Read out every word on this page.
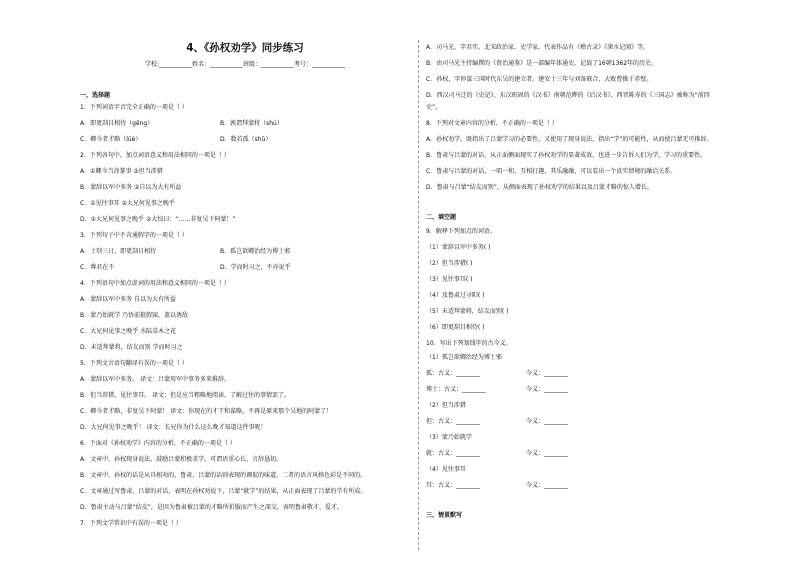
4、《孙权劝学》同步练习
学校:___________姓名：___________班级：___________考号：___________
一、选择题
1．下列词语字音完全正确的一项是（ ）
A．即更刮目相待（gēng）	B．孰谓拜蒙将（shú）
C．卿今者才略（lüè）	D．数若孤（shǔ）
2．下列各句中，加点词语意义和用法相同的一项是（ ）
A．①卿今当涂掌事 ②但当涉猎
B．蒙辞以军中多务 ②自以为大有所益
C．①见往事耳 ②大兄何见事之晚乎
D．①大兄何见事之晚乎 ②大惊曰：“……非复吴下阿蒙！”
3．下列句子中不含通假字的一项是（ ）
A．士别三日，即更刮目相待	B．孤岂欲卿治经为博士邪
C．尊君在不	D．学而时习之，不亦说乎
4．下列语句中加点虚词的用法和意义相同的一项是（ ）
A．蒙辞以军中多务 自以为大有所益
B．蒙乃始就学 乃悟前狼假寐，盖以诱敌
C．大兄何见事之晚乎 水陆草木之花
D．未适拜蒙将，结友而别 学而时习之
5．下列文言语句翻译有误的一项是（ ）
A．蒙辞以军中多务。 译文：吕蒙用军中事务多来推辞。
B．但当涉猎，见往事耳。 译文：但是应当粗略地阅读，了解过往的事情罢了。
C．卿今者才略，非复吴下阿蒙！ 译文：你现在的才干和谋略，不再是原来那个吴地的阿蒙了！
D．大兄何见事之晚乎！ 译文：长兄你为什么这么晚才知道这件事呢！
6．下面对《孙权劝学》内容的分析，不正确的一项是（ ）
A．文章中，孙权现身说法，鼓励吕蒙积极求学，可谓语重心长，言辞恳切。
B．文章中，孙权的话是从具相劝的，鲁肃、吕蒙的话则表现的调侃的味道，二者的语言风格色彩是不同的。
C．文章通过写鲁肃、吕蒙的对话，表明在孙权劝说下，吕蒙“就学”的结果，从正面表现了吕蒙的学有所成。
D．鲁肃主动与吕蒙“结友”，是因为鲁肃被吕蒙的才略所折服而产生之深交，表明鲁肃敬才、爱才。
7．下列文学常识中有误的一项是（ ）
A．司马光，字君实，北宋政治家、史学家。代表作品有《稽古录》《涑水记闻》等。
B．由司马光主持编撰的《资治通鉴》是一部编年体通史，记载了16朝1362年的历史。
C．孙权，字仲谋三国时代东吴的建立者。建安十三年与刘备联合，大败曹操于赤壁。
D．西汉司马迁的《史记》、东汉班固的《汉书》南朝范晔的《后汉书》、西晋陈寿的《三国志》被称为“前四
史”。
8．下列对文章内容的分析，不正确的一项是（ ）
A．孙权劝学，既指出了吕蒙学习的必要性，又使用了现身说法，指出“学”的可能性，从而使吕蒙无可推辞。
B．鲁肃与吕蒙的对话，从正面侧面现实了孙权劝学的显著成效，也进一步告诉人们为学，学习的重要性。
C．鲁肃与吕蒙的对话，一唱一和，互相打趣，其乐融融，可以看出一个真实情境的融洽关系。
D．鲁肃与吕蒙“结友而别”，从侧面表现了孙权劝学的结果以及吕蒙才略的惊人增长。
二、填空题
9．解释下列加点的词语。
（1）蒙辞以军中多务( )
（2）但当涉猎( )
（3）见往事耳( )
（4）及鲁肃过寻阳( )
（5）未适拜蒙将，结友而别( )
（6）即更刮目相待( )
10．写出下列划线字的古今义。
（1）孤岂欲卿治经为博士邪
孤：古义：________	今义：________
博士：古义：________	今义：________
（2）但当涉猎
但：古义：________	今义：________
（3）蒙乃始就学
就：古义：________	今义：________
（4）见往事耳
耳：古义：________	今义：________
三、情景默写
